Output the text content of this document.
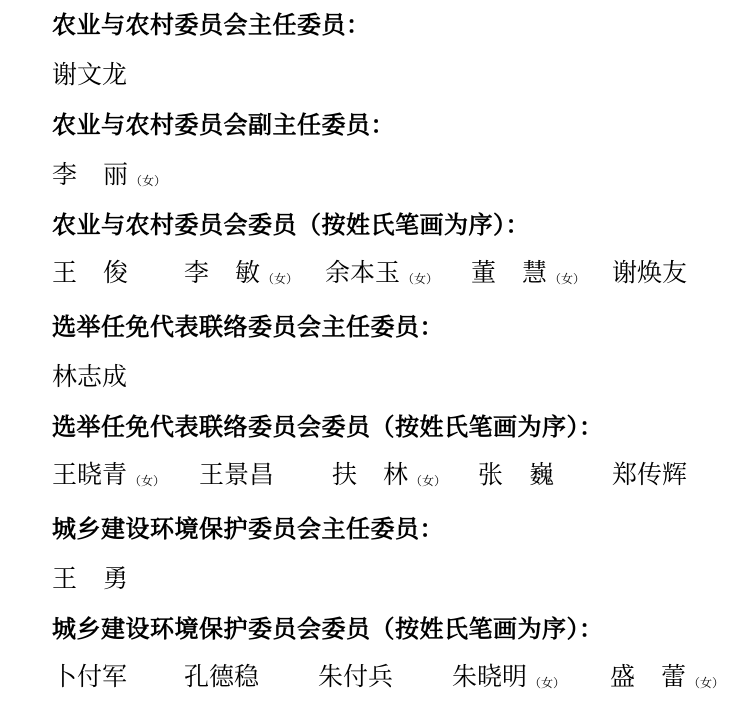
农业与农村委员会主任委员：
谢文龙
农业与农村委员会副主任委员：
李 丽 （女）
农业与农村委员会委员（按姓氏笔画为序）：
王 俊 李 敏 （女） 余本玉 （女） 董 慧 （女） 谢焕友
选举任免代表联络委员会主任委员：
林志成
选举任免代表联络委员会委员（按姓氏笔画为序）：
王晓青 （女） 王景昌 扶 林 （女） 张 巍 郑传辉
城乡建设环境保护委员会主任委员：
王 勇
城乡建设环境保护委员会委员（按姓氏笔画为序）：
卜付军 孔德稳 朱付兵 朱晓明 （女） 盛 蕾 （女）
